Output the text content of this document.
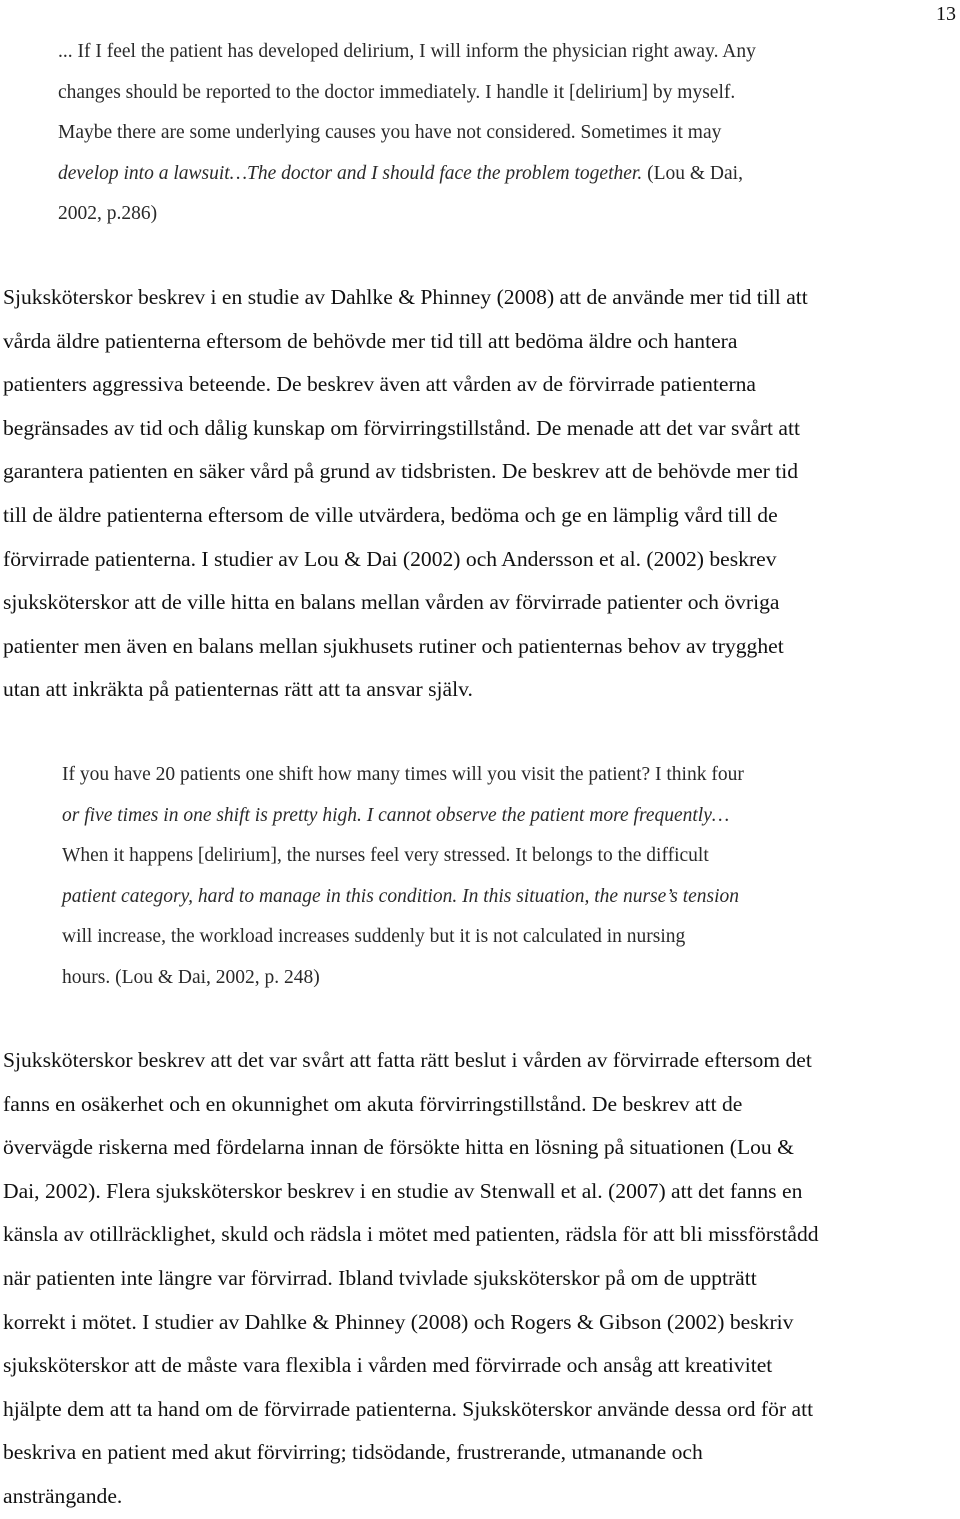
13
... If I feel the patient has developed delirium, I will inform the physician right away. Any
changes should be reported to the doctor immediately. I handle it [delirium] by myself.
Maybe there are some underlying causes you have not considered. Sometimes it may
develop into a lawsuit…The doctor and I should face the problem together. (Lou & Dai,
2002, p.286)
Sjuksköterskor beskrev i en studie av Dahlke & Phinney (2008) att de använde mer tid till att
vårda äldre patienterna eftersom de behövde mer tid till att bedöma äldre och hantera
patienters aggressiva beteende. De beskrev även att vården av de förvirrade patienterna
begränsades av tid och dålig kunskap om förvirringstillstånd. De menade att det var svårt att
garantera patienten en säker vård på grund av tidsbristen. De beskrev att de behövde mer tid
till de äldre patienterna eftersom de ville utvärdera, bedöma och ge en lämplig vård till de
förvirrade patienterna. I studier av Lou & Dai (2002) och Andersson et al. (2002) beskrev
sjuksköterskor att de ville hitta en balans mellan vården av förvirrade patienter och övriga
patienter men även en balans mellan sjukhusets rutiner och patienternas behov av trygghet
utan att inkräkta på patienternas rätt att ta ansvar själv.
If you have 20 patients one shift how many times will you visit the patient? I think four
or five times in one shift is pretty high. I cannot observe the patient more frequently…
When it happens [delirium], the nurses feel very stressed. It belongs to the difficult
patient category, hard to manage in this condition. In this situation, the nurse’s tension
will increase, the workload increases suddenly but it is not calculated in nursing
hours. (Lou & Dai, 2002, p. 248)
Sjuksköterskor beskrev att det var svårt att fatta rätt beslut i vården av förvirrade eftersom det
fanns en osäkerhet och en okunnighet om akuta förvirringstillstånd. De beskrev att de
övervägde riskerna med fördelarna innan de försökte hitta en lösning på situationen (Lou &
Dai, 2002). Flera sjuksköterskor beskrev i en studie av Stenwall et al. (2007) att det fanns en
känsla av otillräcklighet, skuld och rädsla i mötet med patienten, rädsla för att bli missförstådd
när patienten inte längre var förvirrad. Ibland tvivlade sjuksköterskor på om de uppträtt
korrekt i mötet. I studier av Dahlke & Phinney (2008) och Rogers & Gibson (2002) beskriv
sjuksköterskor att de måste vara flexibla i vården med förvirrade och ansåg att kreativitet
hjälpte dem att ta hand om de förvirrade patienterna. Sjuksköterskor använde dessa ord för att
beskriva en patient med akut förvirring; tidsödande, frustrerande, utmanande och
ansträngande.
